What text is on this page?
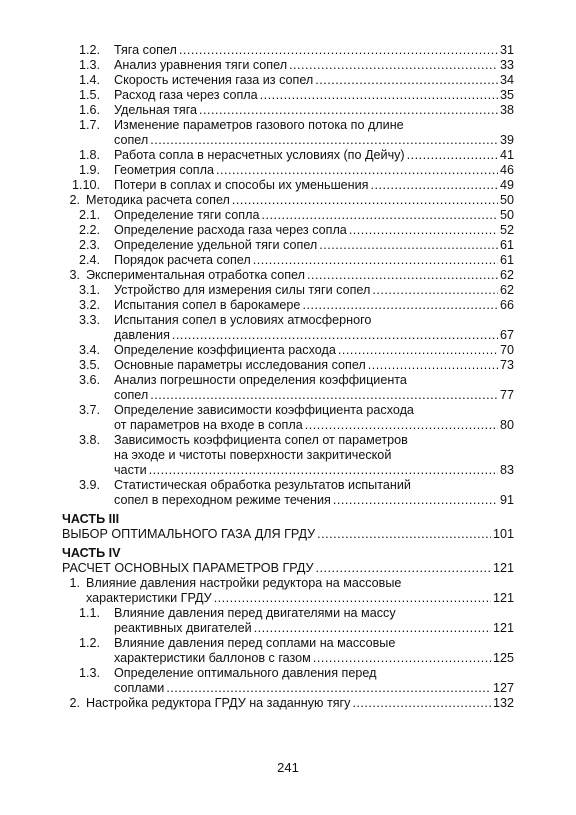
1.2. Тяга сопел .....	31
1.3. Анализ уравнения тяги сопел .....	33
1.4. Скорость истечения газа из сопел .....	34
1.5. Расход газа через сопла .....	35
1.6. Удельная тяга .....	38
1.7. Изменение параметров газового потока по длине
сопел .....	39
1.8. Работа сопла в нерасчетных условиях (по Дейчу) .....	41
1.9. Геометрия сопла .....	46
1.10. Потери в соплах и способы их уменьшения .....	49
2. Методика расчета сопел .....	50
2.1. Определение тяги сопла .....	50
2.2. Определение расхода газа через сопла .....	52
2.3. Определение удельной тяги сопел .....	61
2.4. Порядок расчета сопел .....	61
3. Экспериментальная отработка сопел .....	62
3.1. Устройство для измерения силы тяги сопел .....	62
3.2. Испытания сопел в барокамере .....	66
3.3. Испытания сопел в условиях атмосферного
давления .....	67
3.4. Определение коэффициента расхода .....	70
3.5. Основные параметры исследования сопел .....	73
3.6. Анализ погрешности определения коэффициента
сопел .....	77
3.7. Определение зависимости коэффициента расхода
от параметров на входе в сопла .....	80
3.8. Зависимость коэффициента сопел от параметров
на эходе и чистоты поверхности закритической
части .....	83
3.9. Статистическая обработка результатов испытаний
сопел в переходном режиме течения .....	91
ЧАСТЬ III
ВЫБОР ОПТИМАЛЬНОГО ГАЗА ДЛЯ ГРДУ .....	101
ЧАСТЬ IV
РАСЧЕТ ОСНОВНЫХ ПАРАМЕТРОВ ГРДУ .....	121
1. Влияние давления настройки редуктора на массовые
характеристики ГРДУ .....	121
1.1. Влияние давления перед двигателями на массу
реактивных двигателей .....	121
1.2. Влияние давления перед соплами на массовые
характеристики баллонов с газом .....	125
1.3. Определение оптимального давления перед
соплами .....	127
2. Настройка редуктора ГРДУ на заданную тягу .....	132
241
